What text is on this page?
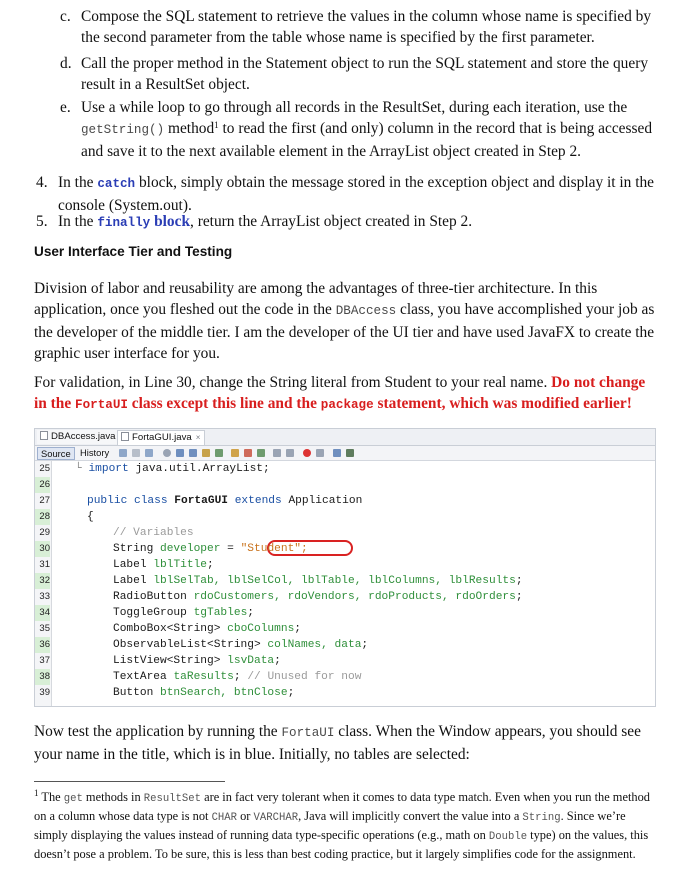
c. Compose the SQL statement to retrieve the values in the column whose name is specified by the second parameter from the table whose name is specified by the first parameter.
d. Call the proper method in the Statement object to run the SQL statement and store the query result in a ResultSet object.
e. Use a while loop to go through all records in the ResultSet, during each iteration, use the getString() method$^1$ to read the first (and only) column in the record that is being accessed and save it to the next available element in the ArrayList object created in Step 2.
4. In the catch block, simply obtain the message stored in the exception object and display it in the console (System.out).
5. In the finally block, return the ArrayList object created in Step 2.
User Interface Tier and Testing
Division of labor and reusability are among the advantages of three-tier architecture. In this application, once you fleshed out the code in the DBAccess class, you have accomplished your job as the developer of the middle tier. I am the developer of the UI tier and have used JavaFX to create the graphic user interface for you.
For validation, in Line 30, change the String literal from Student to your real name. Do not change in the FortaUI class except this line and the package statement, which was modified earlier!
DBAccess.java	FortaGUI.java ×
Source History
25
26
27
28
29
30
31
32
33
34
35
36
37
38
39
└ import java.util.ArrayList;
public class FortaGUI extends Application
{
// Variables
String developer = "Student";
Label lblTitle;
Label lblSelTab, lblSelCol, lblTable, lblColumns, lblResults;
RadioButton rdoCustomers, rdoVendors, rdoProducts, rdoOrders;
ToggleGroup tgTables;
ComboBox<String> cboColumns;
ObservableList<String> colNames, data;
ListView<String> lsvData;
TextArea taResults; // Unused for now
Button btnSearch, btnClose;
Now test the application by running the FortaUI class. When the Window appears, you should see your name in the title, which is in blue. Initially, no tables are selected:
$^1$ The get methods in ResultSet are in fact very tolerant when it comes to data type match. Even when you run the method on a column whose data type is not CHAR or VARCHAR, Java will implicitly convert the value into a String. Since we’re simply displaying the values instead of running data type-specific operations (e.g., math on Double type) on the values, this doesn’t pose a problem. To be sure, this is less than best coding practice, but it largely simplifies code for the assignment.
